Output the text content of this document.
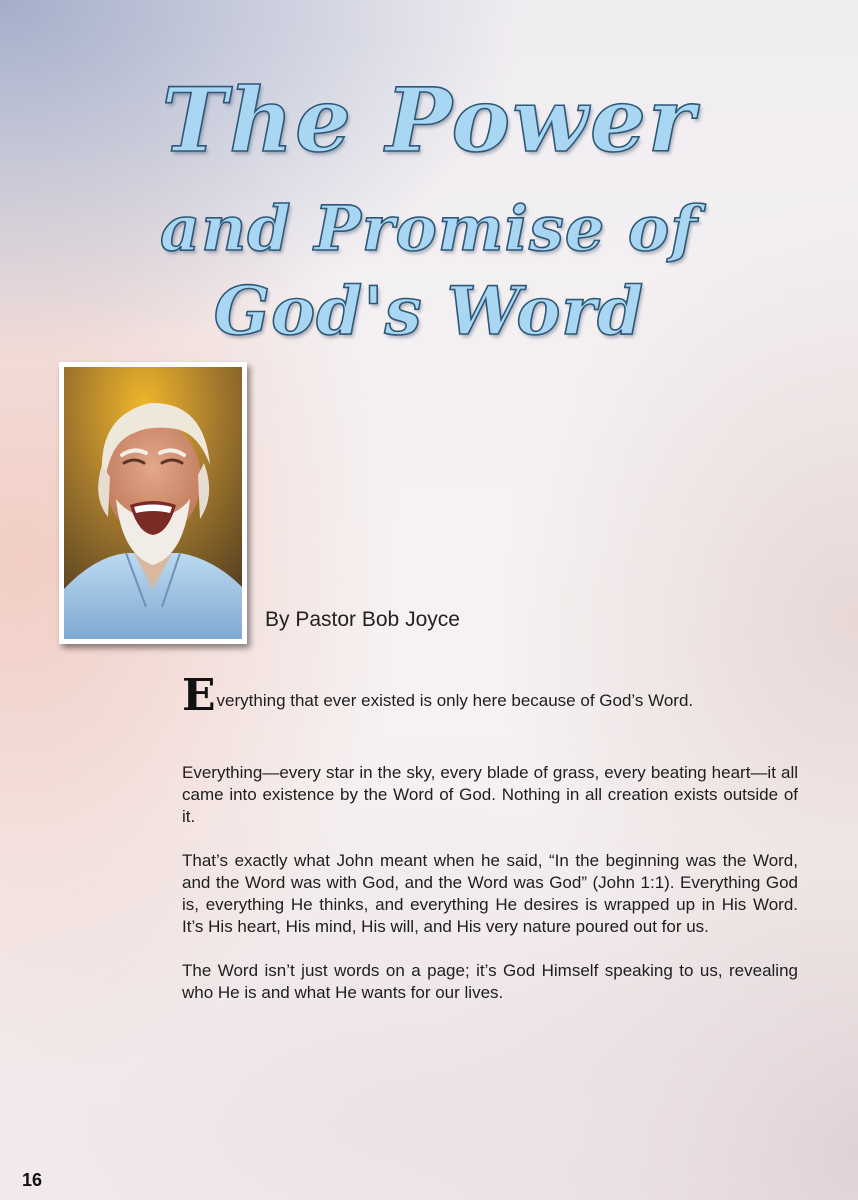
The Power
and Promise of
God's Word

By Pastor Bob Joyce

Everything that ever existed is only here because of God’s Word.

Everything—every star in the sky, every blade of grass, every beating heart—it all came into existence by the Word of God. Nothing in all creation exists outside of it.

That’s exactly what John meant when he said, “In the beginning was the Word, and the Word was with God, and the Word was God” (John 1:1). Everything God is, everything He thinks, and everything He desires is wrapped up in His Word. It’s His heart, His mind, His will, and His very nature poured out for us.

The Word isn’t just words on a page; it’s God Himself speaking to us, revealing who He is and what He wants for our lives.

16
